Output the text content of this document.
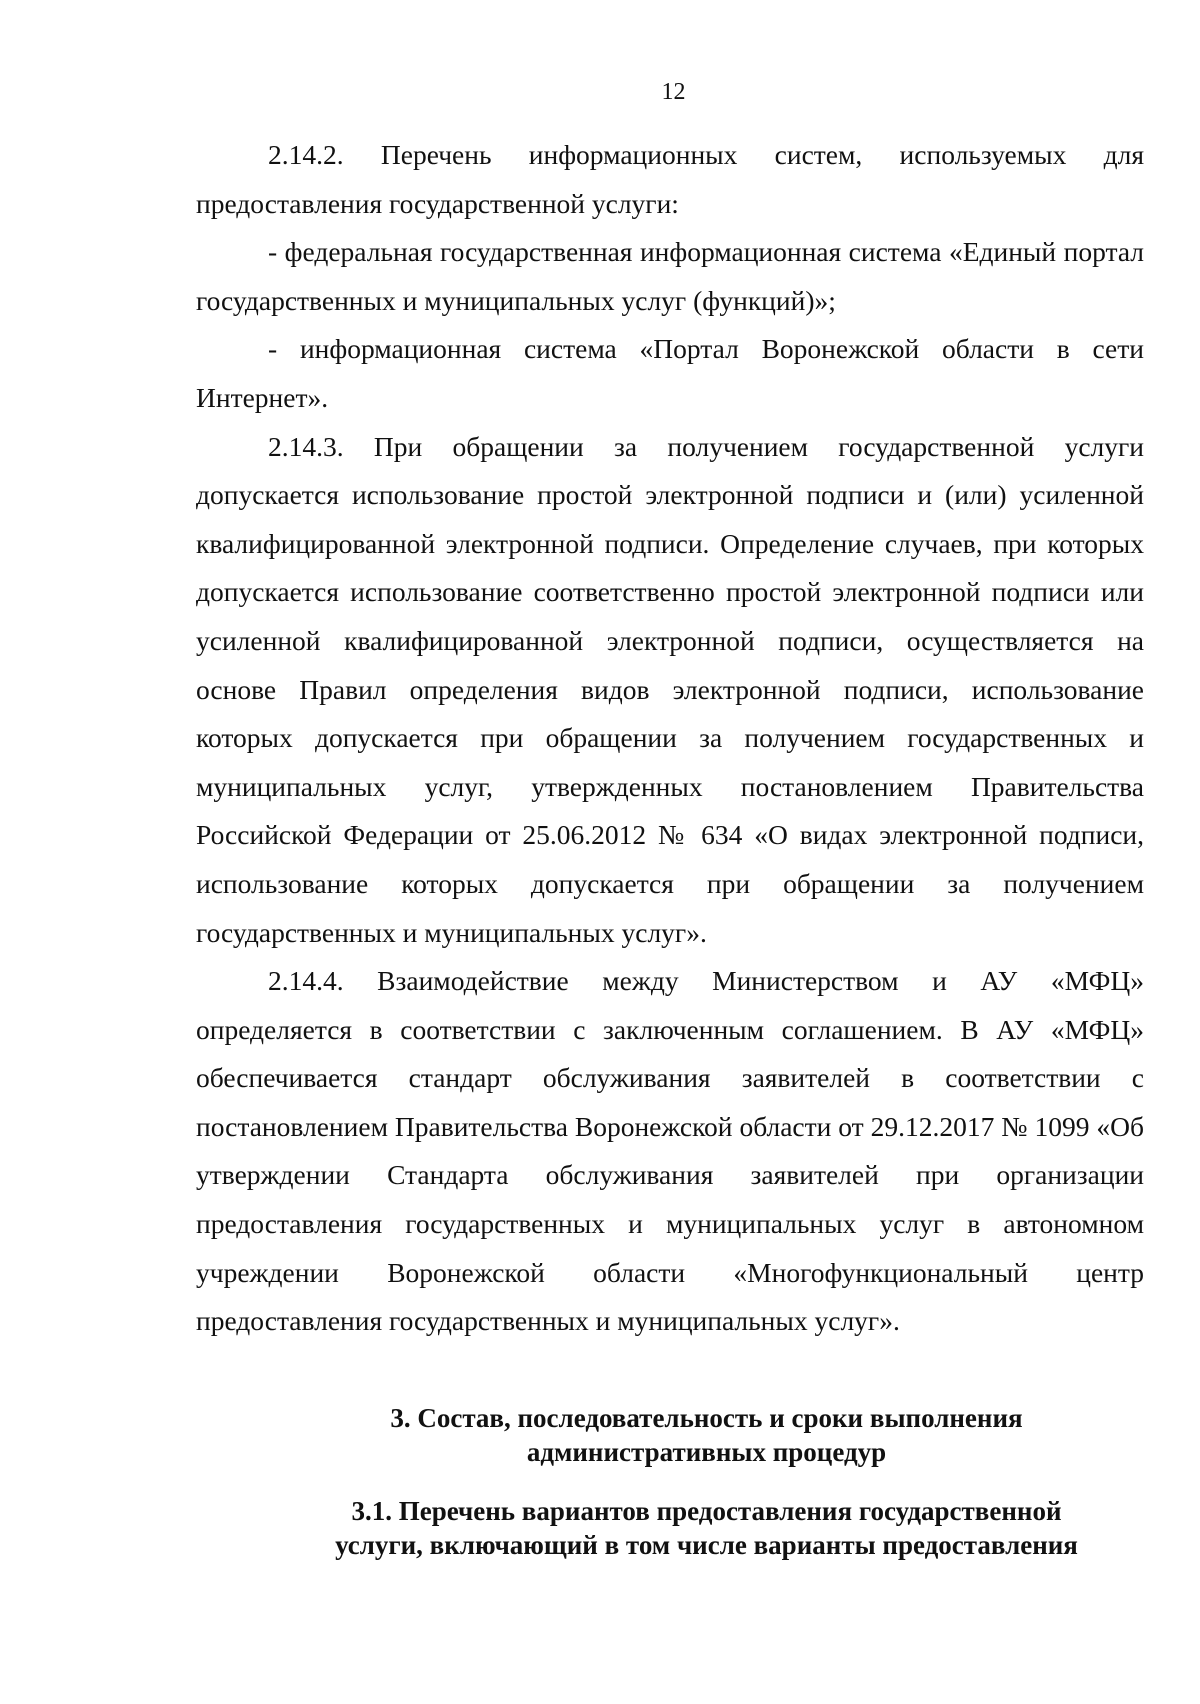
12

2.14.2. Перечень информационных систем, используемых для предоставления государственной услуги:

- федеральная государственная информационная система «Единый портал государственных и муниципальных услуг (функций)»;

- информационная система «Портал Воронежской области в сети Интернет».

2.14.3. При обращении за получением государственной услуги допускается использование простой электронной подписи и (или) усиленной квалифицированной электронной подписи. Определение случаев, при которых допускается использование соответственно простой электронной подписи или усиленной квалифицированной электронной подписи, осуществляется на основе Правил определения видов электронной подписи, использование которых допускается при обращении за получением государственных и муниципальных услуг, утвержденных постановлением Правительства Российской Федерации от 25.06.2012 № 634 «О видах электронной подписи, использование которых допускается при обращении за получением государственных и муниципальных услуг».

2.14.4. Взаимодействие между Министерством и АУ «МФЦ» определяется в соответствии с заключенным соглашением. В АУ «МФЦ» обеспечивается стандарт обслуживания заявителей в соответствии с постановлением Правительства Воронежской области от 29.12.2017 № 1099 «Об утверждении Стандарта обслуживания заявителей при организации предоставления государственных и муниципальных услуг в автономном учреждении Воронежской области «Многофункциональный центр предоставления государственных и муниципальных услуг».

3. Состав, последовательность и сроки выполнения
административных процедур
3.1. Перечень вариантов предоставления государственной
услуги, включающий в том числе варианты предоставления
